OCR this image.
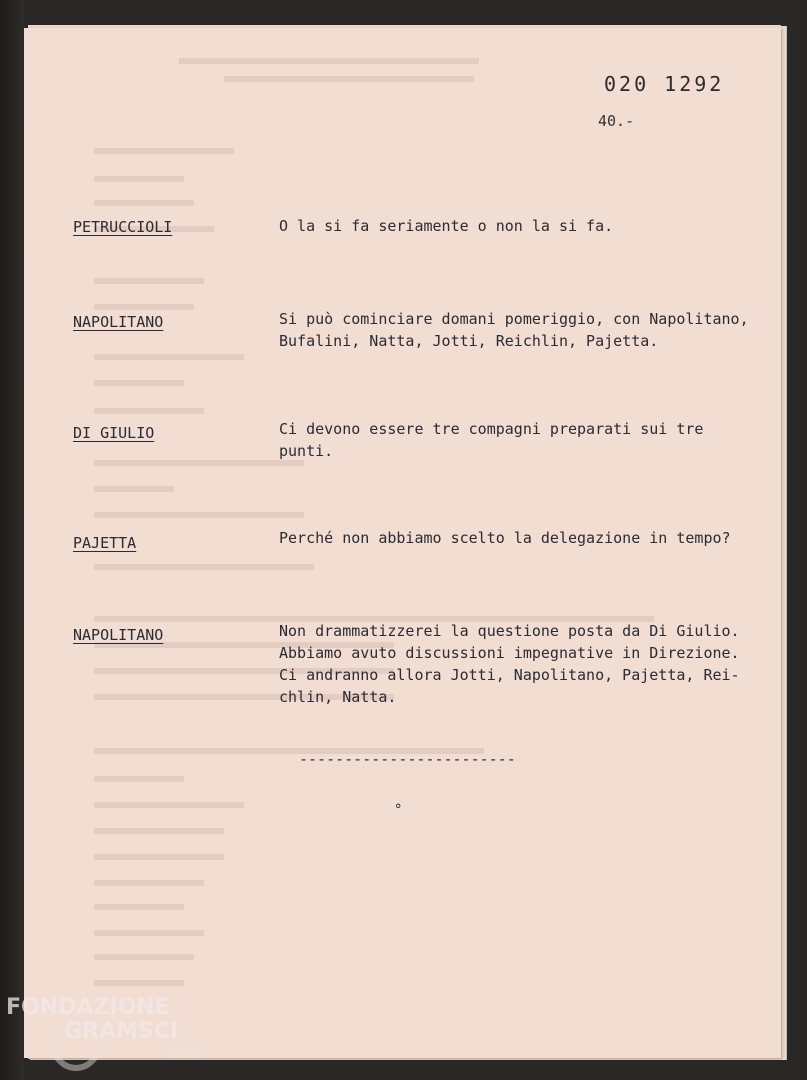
020 1292
40.-
PETRUCCIOLI	O la si fa seriamente o non la si fa.
NAPOLITANO	Si può cominciare domani pomeriggio, con Napolitano,
Bufalini, Natta, Jotti, Reichlin, Pajetta.
DI GIULIO	Ci devono essere tre compagni preparati sui tre
punti.
PAJETTA	Perché non abbiamo scelto la delegazione in tempo?
NAPOLITANO	Non drammatizzerei la questione posta da Di Giulio.
Abbiamo avuto discussioni impegnative in Direzione.
Ci andranno allora Jotti, Napolitano, Pajetta, Rei-
chlin, Natta.
------------------------
°
FONDAZIONE
GRAMSCI
onlus
